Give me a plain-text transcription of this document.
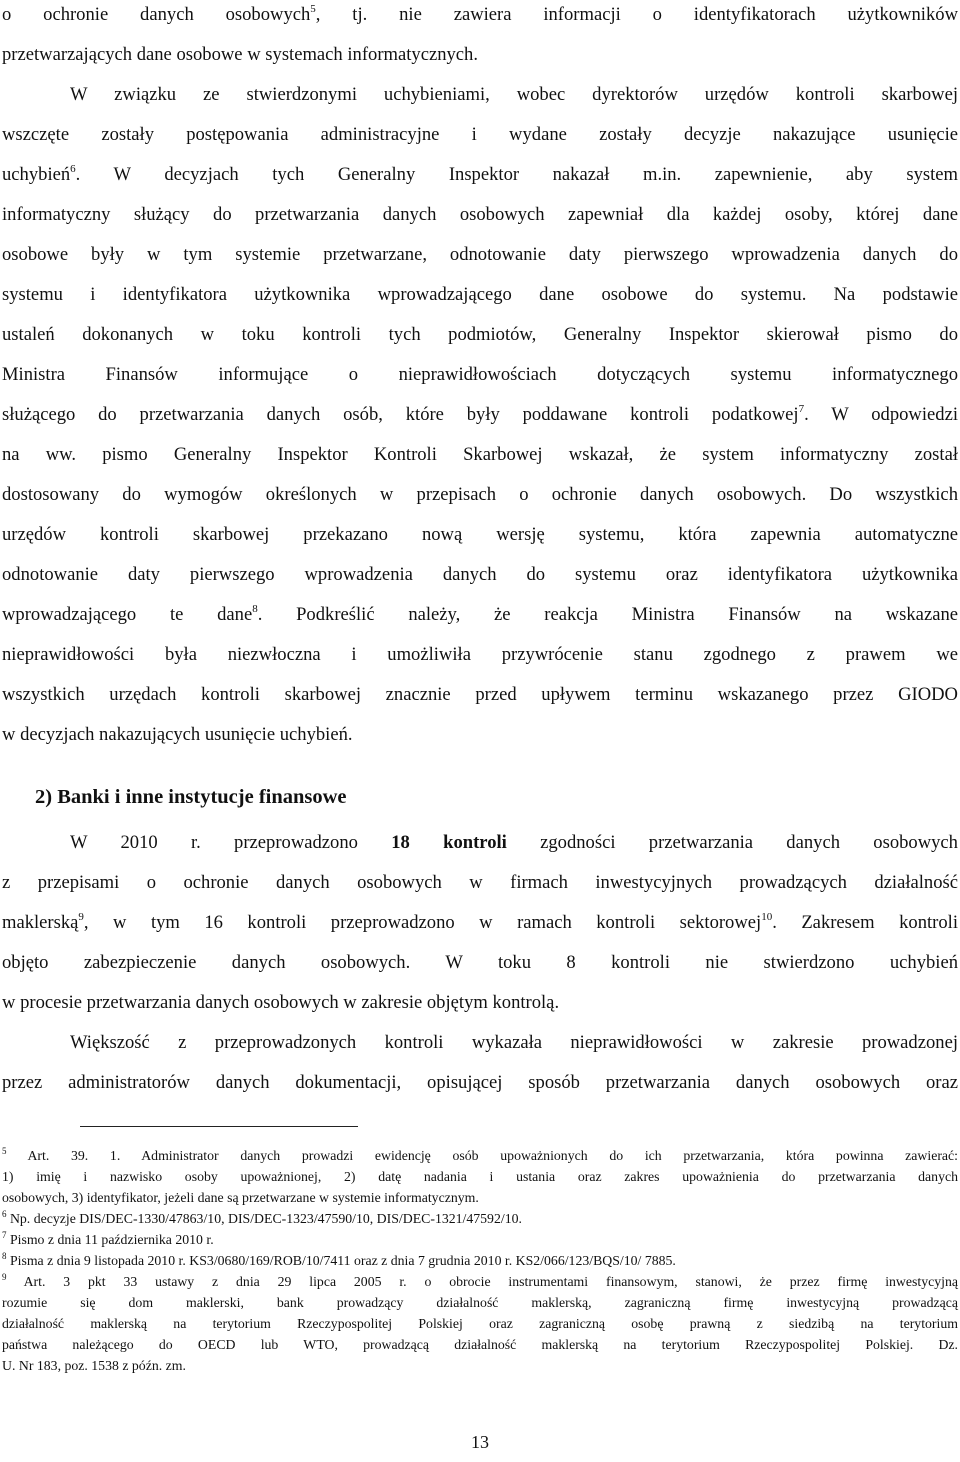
o ochronie danych osobowych$^5$, tj. nie zawiera informacji o identyfikatorach użytkowników
przetwarzających dane osobowe w systemach informatycznych.
W związku ze stwierdzonymi uchybieniami, wobec dyrektorów urzędów kontroli skarbowej
wszczęte zostały postępowania administracyjne i wydane zostały decyzje nakazujące usunięcie
uchybień$^6$. W decyzjach tych Generalny Inspektor nakazał m.in. zapewnienie, aby system
informatyczny służący do przetwarzania danych osobowych zapewniał dla każdej osoby, której dane
osobowe były w tym systemie przetwarzane, odnotowanie daty pierwszego wprowadzenia danych do
systemu i identyfikatora użytkownika wprowadzającego dane osobowe do systemu. Na podstawie
ustaleń dokonanych w toku kontroli tych podmiotów, Generalny Inspektor skierował pismo do
Ministra Finansów informujące o nieprawidłowościach dotyczących systemu informatycznego
służącego do przetwarzania danych osób, które były poddawane kontroli podatkowej$^7$. W odpowiedzi
na ww. pismo Generalny Inspektor Kontroli Skarbowej wskazał, że system informatyczny został
dostosowany do wymogów określonych w przepisach o ochronie danych osobowych. Do wszystkich
urzędów kontroli skarbowej przekazano nową wersję systemu, która zapewnia automatyczne
odnotowanie daty pierwszego wprowadzenia danych do systemu oraz identyfikatora użytkownika
wprowadzającego te dane$^8$. Podkreślić należy, że reakcja Ministra Finansów na wskazane
nieprawidłowości była niezwłoczna i umożliwiła przywrócenie stanu zgodnego z prawem we
wszystkich urzędach kontroli skarbowej znacznie przed upływem terminu wskazanego przez GIODO
w decyzjach nakazujących usunięcie uchybień.
2) Banki i inne instytucje finansowe
W 2010 r. przeprowadzono 18 kontroli zgodności przetwarzania danych osobowych
z przepisami o ochronie danych osobowych w firmach inwestycyjnych prowadzących działalność
maklerską$^9$, w tym 16 kontroli przeprowadzono w ramach kontroli sektorowej$^{10}$. Zakresem kontroli
objęto zabezpieczenie danych osobowych. W toku 8 kontroli nie stwierdzono uchybień
w procesie przetwarzania danych osobowych w zakresie objętym kontrolą.
Większość z przeprowadzonych kontroli wykazała nieprawidłowości w zakresie prowadzonej
przez administratorów danych dokumentacji, opisującej sposób przetwarzania danych osobowych oraz
$^5$ Art. 39. 1. Administrator danych prowadzi ewidencję osób upoważnionych do ich przetwarzania, która powinna zawierać:
1) imię i nazwisko osoby upoważnionej, 2) datę nadania i ustania oraz zakres upoważnienia do przetwarzania danych
osobowych, 3) identyfikator, jeżeli dane są przetwarzane w systemie informatycznym.
$^6$ Np. decyzje DIS/DEC-1330/47863/10, DIS/DEC-1323/47590/10, DIS/DEC-1321/47592/10.
$^7$ Pismo z dnia 11 października 2010 r.
$^8$ Pisma z dnia 9 listopada 2010 r. KS3/0680/169/ROB/10/7411 oraz z dnia 7 grudnia 2010 r. KS2/066/123/BQS/10/ 7885.
$^9$ Art. 3 pkt 33 ustawy z dnia 29 lipca 2005 r. o obrocie instrumentami finansowym, stanowi, że przez firmę inwestycyjną
rozumie się dom maklerski, bank prowadzący działalność maklerską, zagraniczną firmę inwestycyjną prowadzącą
działalność maklerską na terytorium Rzeczypospolitej Polskiej oraz zagraniczną osobę prawną z siedzibą na terytorium
państwa należącego do OECD lub WTO, prowadzącą działalność maklerską na terytorium Rzeczypospolitej Polskiej. Dz.
U. Nr 183, poz. 1538 z późn. zm.
13
